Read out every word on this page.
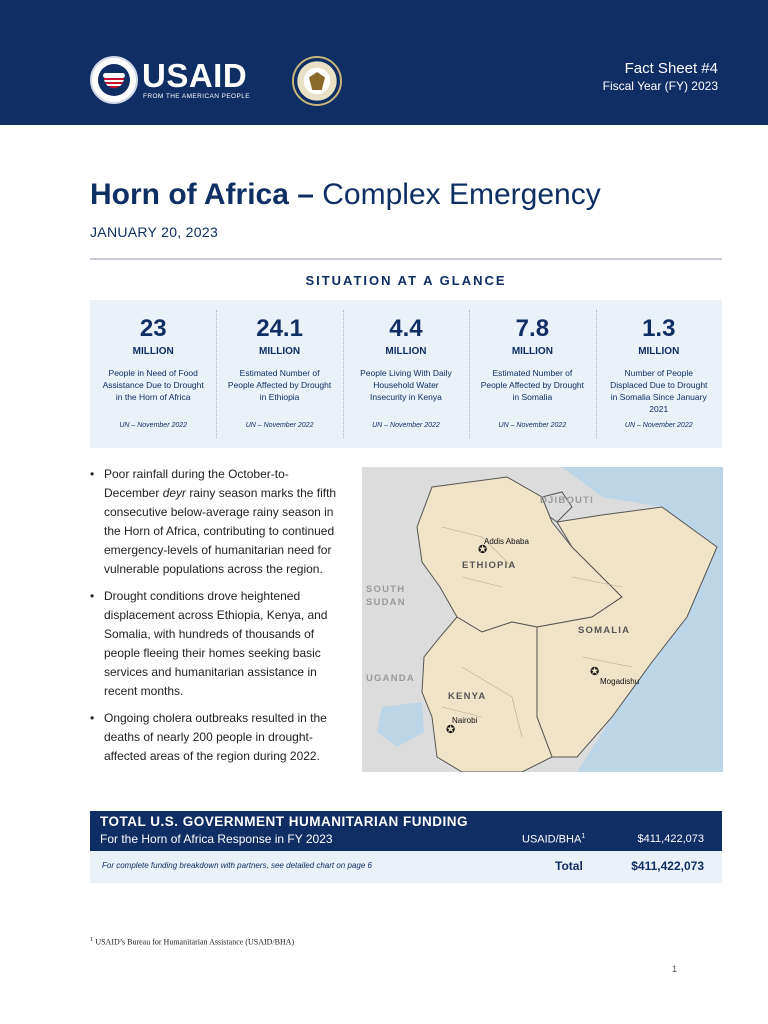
USAID
FROM THE AMERICAN PEOPLE
Fact Sheet #4
Fiscal Year (FY) 2023
Horn of Africa – Complex Emergency
JANUARY 20, 2023
SITUATION AT A GLANCE
23
MILLION
People in Need of Food Assistance Due to Drought in the Horn of Africa
UN – November 2022
24.1
MILLION
Estimated Number of People Affected by Drought in Ethiopia
UN – November 2022
4.4
MILLION
People Living With Daily Household Water Insecurity in Kenya
UN – November 2022
7.8
MILLION
Estimated Number of People Affected by Drought in Somalia
UN – November 2022
1.3
MILLION
Number of People Displaced Due to Drought in Somalia Since January 2021
UN – November 2022
• Poor rainfall during the October-to-December deyr rainy season marks the fifth consecutive below-average rainy season in the Horn of Africa, contributing to continued emergency-levels of humanitarian need for vulnerable populations across the region.
• Drought conditions drove heightened displacement across Ethiopia, Kenya, and Somalia, with hundreds of thousands of people fleeing their homes seeking basic services and humanitarian assistance in recent months.
• Ongoing cholera outbreaks resulted in the deaths of nearly 200 people in drought-affected areas of the region during 2022.
DJIBOUTI
ETHIOPIA
SOUTH
SUDAN
SOMALIA
UGANDA
KENYA
✪
Addis Ababa
✪
Mogadishu
✪
Nairobi
TOTAL U.S. GOVERNMENT HUMANITARIAN FUNDING
For the Horn of Africa Response in FY 2023	USAID/BHA$^1$	$411,422,073
For complete funding breakdown with partners, see detailed chart on page 6	Total	$411,422,073
$^1$ USAID’s Bureau for Humanitarian Assistance (USAID/BHA)
1
